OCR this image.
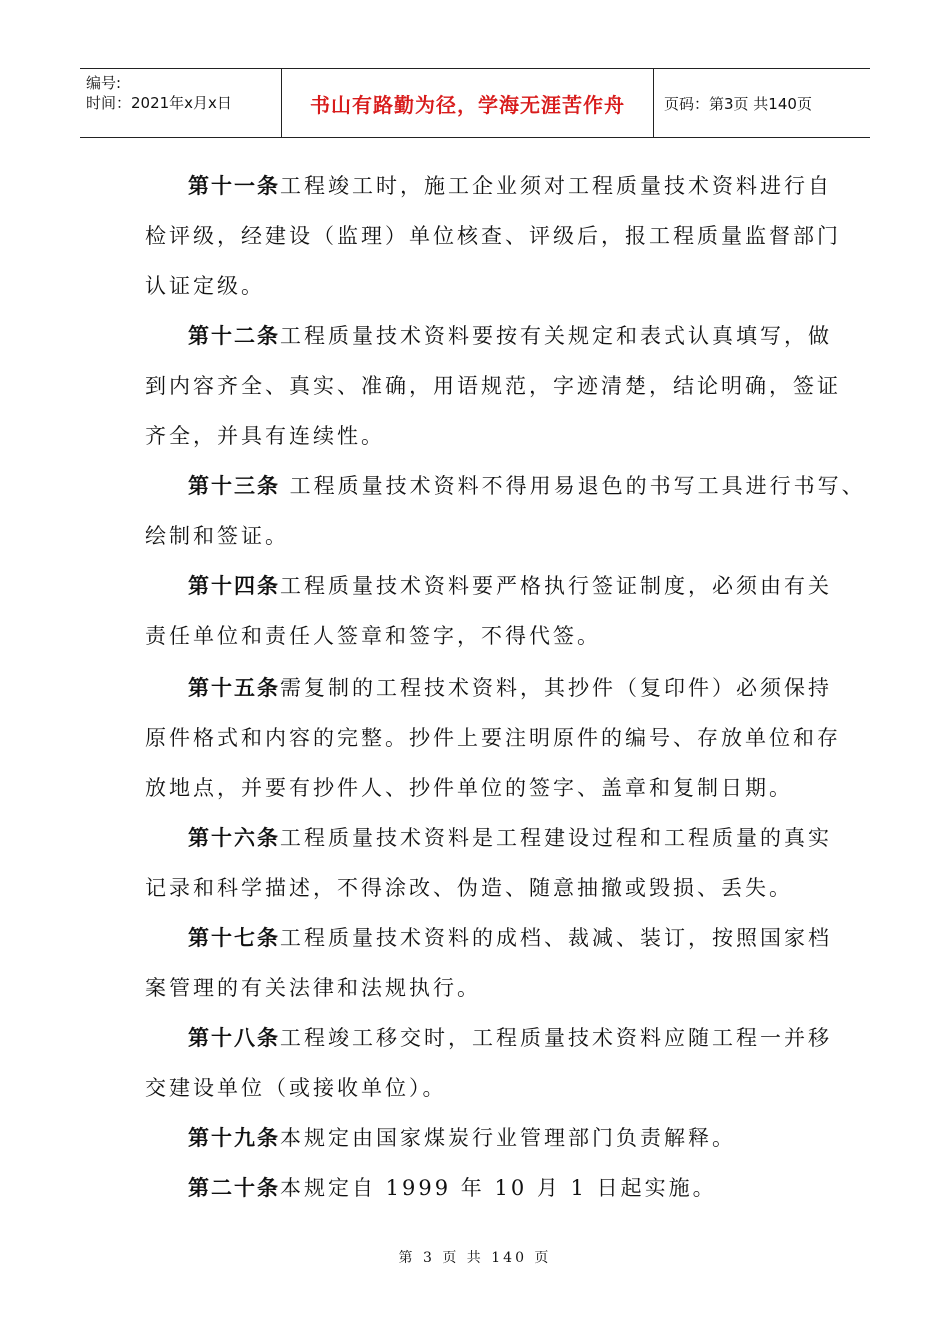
编号:
时间：2021年x月x日	书山有路勤为径，学海无涯苦作舟	页码：第3页 共140页
第十一条工程竣工时，施工企业须对工程质量技术资料进行自
检评级，经建设（监理）单位核查、评级后，报工程质量监督部门
认证定级。
第十二条工程质量技术资料要按有关规定和表式认真填写，做
到内容齐全、真实、准确，用语规范，字迹清楚，结论明确，签证
齐全，并具有连续性。
第十三条 工程质量技术资料不得用易退色的书写工具进行书写、
绘制和签证。
第十四条工程质量技术资料要严格执行签证制度，必须由有关
责任单位和责任人签章和签字，不得代签。
第十五条需复制的工程技术资料，其抄件（复印件）必须保持
原件格式和内容的完整。抄件上要注明原件的编号、存放单位和存
放地点，并要有抄件人、抄件单位的签字、盖章和复制日期。
第十六条工程质量技术资料是工程建设过程和工程质量的真实
记录和科学描述，不得涂改、伪造、随意抽撤或毁损、丢失。
第十七条工程质量技术资料的成档、裁减、装订，按照国家档
案管理的有关法律和法规执行。
第十八条工程竣工移交时，工程质量技术资料应随工程一并移
交建设单位（或接收单位）。
第十九条本规定由国家煤炭行业管理部门负责解释。
第二十条本规定自 1999 年 10 月 1 日起实施。
第 3 页 共 140 页
